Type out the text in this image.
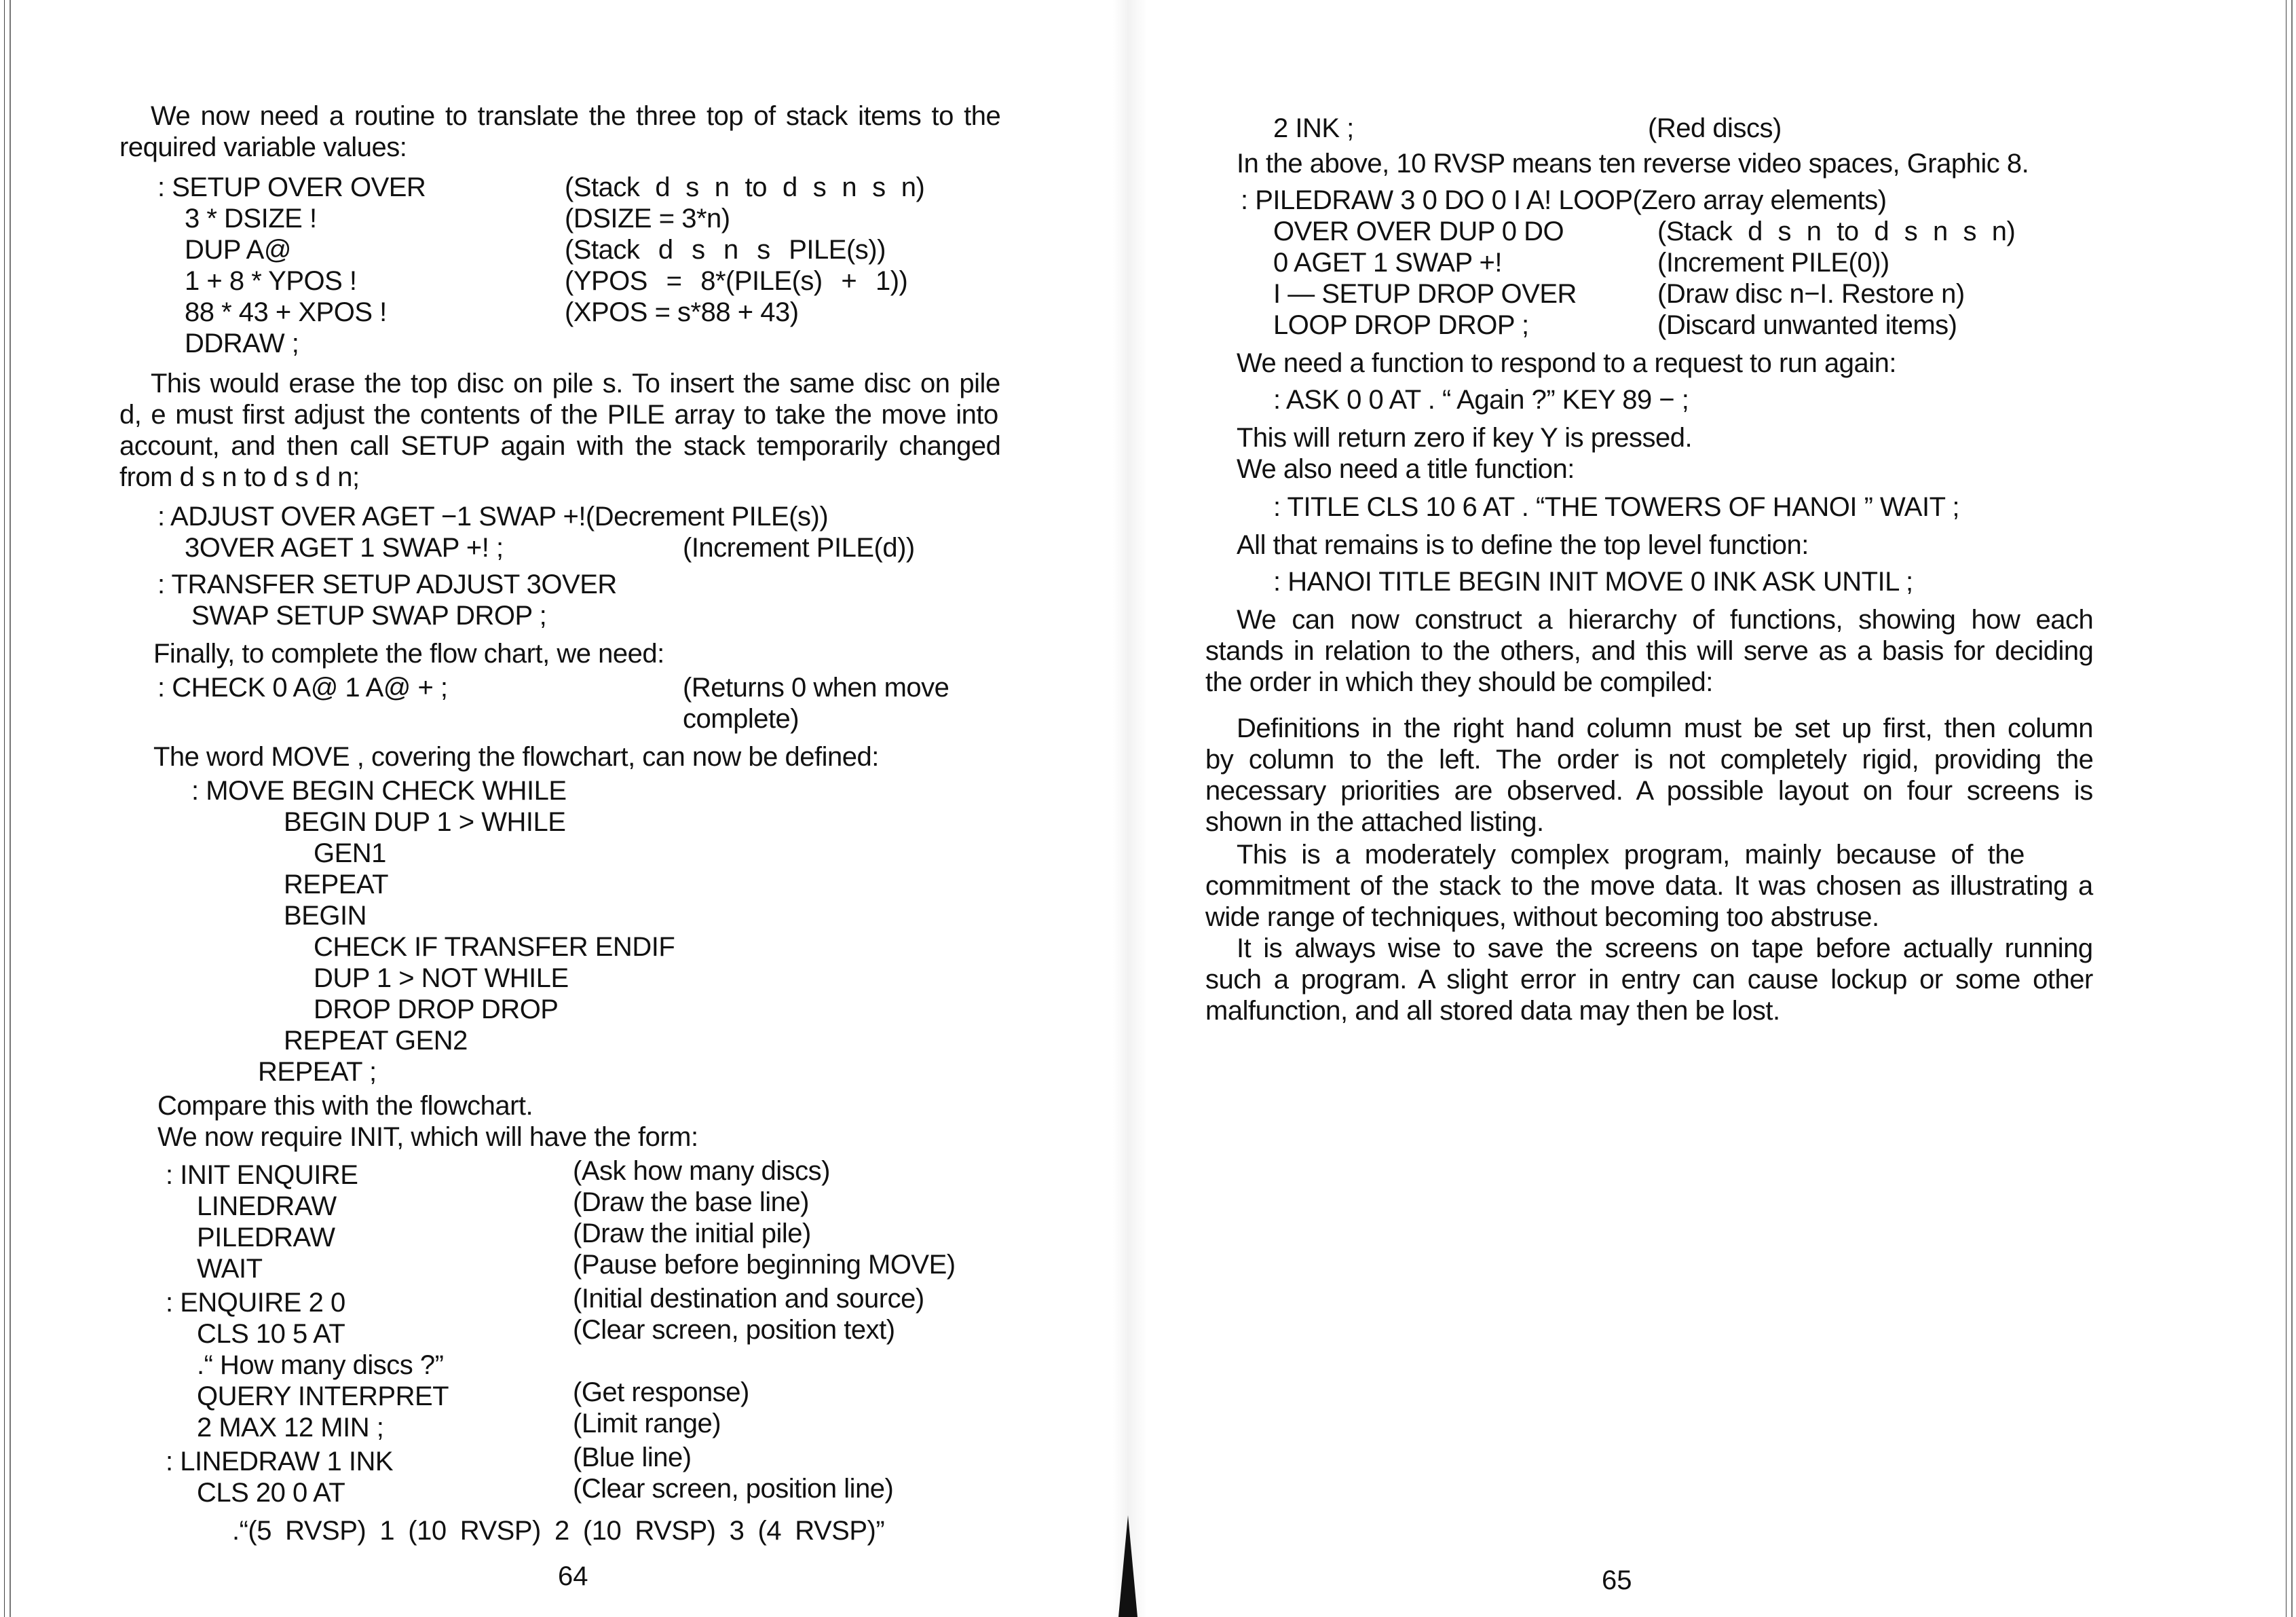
We now need a routine to translate the three top of stack items to the

required variable values:

: SETUP OVER OVER	(Stack d s n to d s n s n)

3 * DSIZE !	(DSIZE = 3*n)

DUP A@	(Stack d s n s PILE(s))

1 + 8 * YPOS !	(YPOS = 8*(PILE(s) + 1))

88 * 43 + XPOS !	(XPOS = s*88 + 43)

DDRAW ;

This would erase the top disc on pile s. To insert the same disc on pile

d, e must first adjust the contents of the PILE array to take the move into

account, and then call SETUP again with the stack temporarily changed

from d s n to d s d n;

: ADJUST OVER AGET −1 SWAP +!(Decrement PILE(s))

3OVER AGET 1 SWAP +! ;	(Increment PILE(d))

: TRANSFER SETUP ADJUST 3OVER

SWAP SETUP SWAP DROP ;

Finally, to complete the flow chart, we need:

: CHECK 0 A@ 1 A@ + ;	(Returns 0 when move

complete)

The word MOVE , covering the flowchart, can now be defined:

: MOVE BEGIN CHECK WHILE

BEGIN DUP 1 > WHILE

GEN1

REPEAT

BEGIN

CHECK IF TRANSFER ENDIF

DUP 1 > NOT WHILE

DROP DROP DROP

REPEAT GEN2

REPEAT ;

Compare this with the flowchart.

We now require INIT, which will have the form:

: INIT ENQUIRE	(Ask how many discs)

LINEDRAW	(Draw the base line)

PILEDRAW	(Draw the initial pile)

WAIT	(Pause before beginning MOVE)

: ENQUIRE 2 0	(Initial destination and source)

CLS 10 5 AT	(Clear screen, position text)

.“ How many discs ?”

QUERY INTERPRET	(Get response)

2 MAX 12 MIN ;	(Limit range)

: LINEDRAW 1 INK	(Blue line)

CLS 20 0 AT	(Clear screen, position line)

.“(5 RVSP) 1 (10 RVSP) 2 (10 RVSP) 3 (4 RVSP)”

64

2 INK ;	(Red discs)

In the above, 10 RVSP means ten reverse video spaces, Graphic 8.

: PILEDRAW 3 0 DO 0 I A! LOOP(Zero array elements)

OVER OVER DUP 0 DO	(Stack d s n to d s n s n)

0 AGET 1 SWAP +!	(Increment PILE(0))

I — SETUP DROP OVER	(Draw disc n−I. Restore n)

LOOP DROP DROP ;	(Discard unwanted items)

We need a function to respond to a request to run again:

: ASK 0 0 AT . “ Again ?” KEY 89 − ;

This will return zero if key Y is pressed.

We also need a title function:

: TITLE CLS 10 6 AT . “THE TOWERS OF HANOI ” WAIT ;

All that remains is to define the top level function:

: HANOI TITLE BEGIN INIT MOVE 0 INK ASK UNTIL ;

We can now construct a hierarchy of functions, showing how each

stands in relation to the others, and this will serve as a basis for deciding

the order in which they should be compiled:

Definitions in the right hand column must be set up first, then column

by column to the left. The order is not completely rigid, providing the

necessary priorities are observed. A possible layout on four screens is

shown in the attached listing.

This is a moderately complex program, mainly because of the

commitment of the stack to the move data. It was chosen as illustrating a

wide range of techniques, without becoming too abstruse.

It is always wise to save the screens on tape before actually running

such a program. A slight error in entry can cause lockup or some other

malfunction, and all stored data may then be lost.

65
